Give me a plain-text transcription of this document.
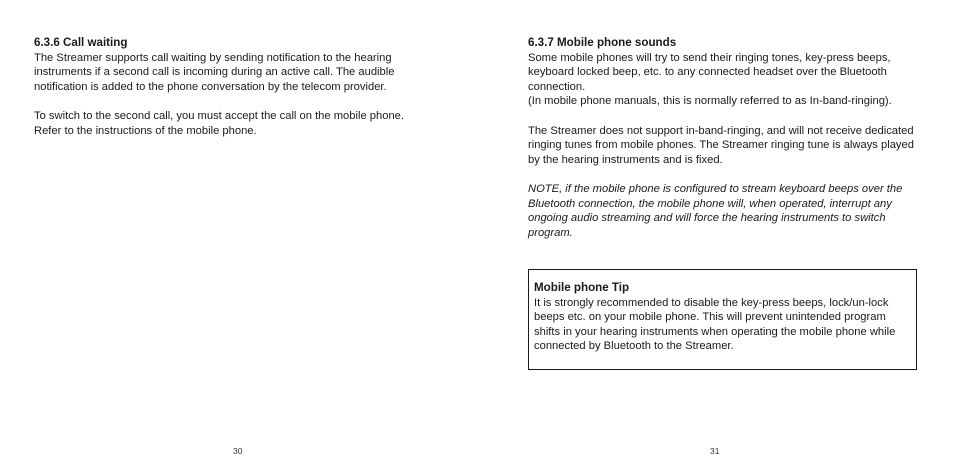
6.3.6 Call waiting

The Streamer supports call waiting by sending notification to the hearing instruments if a second call is incoming during an active call. The audible notification is added to the phone conversation by the telecom provider.

To switch to the second call, you must accept the call on the mobile phone. Refer to the instructions of the mobile phone.

30
6.3.7 Mobile phone sounds

Some mobile phones will try to send their ringing tones, key-press beeps, keyboard locked beep, etc. to any connected headset over the Bluetooth connection.

(In mobile phone manuals, this is normally referred to as In-band-ringing).

The Streamer does not support in-band-ringing, and will not receive dedicated ringing tunes from mobile phones. The Streamer ringing tune is always played by the hearing instruments and is fixed.

NOTE, if the mobile phone is configured to stream keyboard beeps over the Bluetooth connection, the mobile phone will, when operated, interrupt any ongoing audio streaming and will force the hearing instruments to switch program.

Mobile phone Tip

It is strongly recommended to disable the key-press beeps, lock/un-lock beeps etc. on your mobile phone. This will prevent unintended program shifts in your hearing instruments when operating the mobile phone while connected by Bluetooth to the Streamer.

31
